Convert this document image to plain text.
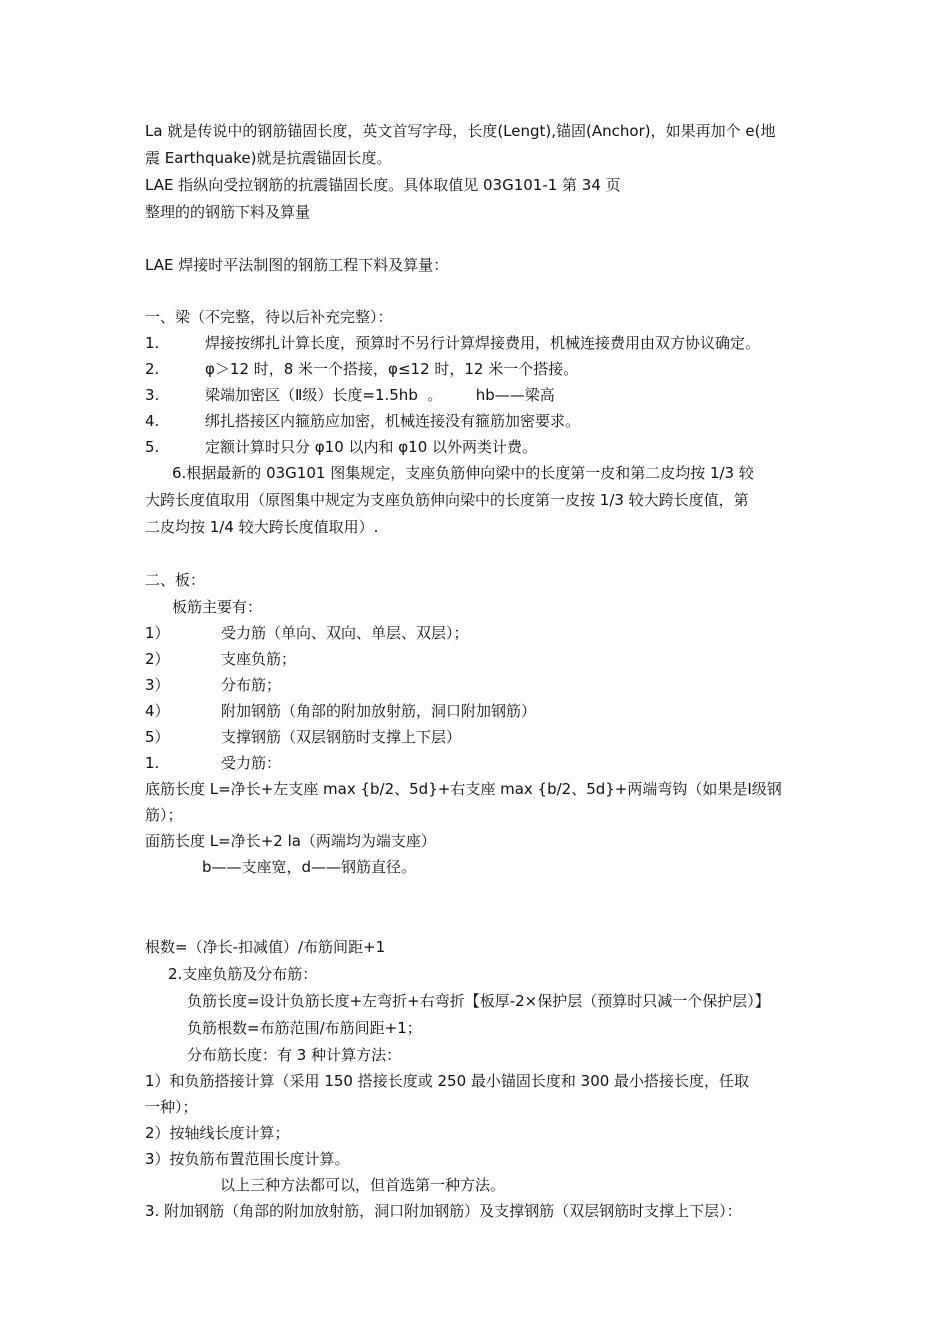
La 就是传说中的钢筋锚固长度，英文首写字母，长度(Lengt),锚固(Anchor)，如果再加个 e(地
震 Earthquake)就是抗震锚固长度。
LAE 指纵向受拉钢筋的抗震锚固长度。具体取值见 03G101-1 第 34 页
整理的的钢筋下料及算量
LAE 焊接时平法制图的钢筋工程下料及算量：
一、梁（不完整，待以后补充完整）：
1.	焊接按绑扎计算长度，预算时不另行计算焊接费用，机械连接费用由双方协议确定。
2.	φ＞12 时，8 米一个搭接，φ≤12 时，12 米一个搭接。
3.	梁端加密区（Ⅱ级）长度=1.5hb  。       hb——梁高
4.	绑扎搭接区内箍筋应加密，机械连接没有箍筋加密要求。
5.	定额计算时只分 φ10 以内和 φ10 以外两类计费。
6.根据最新的 03G101 图集规定，支座负筋伸向梁中的长度第一皮和第二皮均按 1/3 较
大跨长度值取用（原图集中规定为支座负筋伸向梁中的长度第一皮按 1/3 较大跨长度值，第
二皮均按 1/4 较大跨长度值取用）.
二、板：
板筋主要有：
1）	受力筋（单向、双向、单层、双层）；
2）	支座负筋；
3）	分布筋；
4）	附加钢筋（角部的附加放射筋，洞口附加钢筋）
5）	支撑钢筋（双层钢筋时支撑上下层）
1.	受力筋：
底筋长度 L=净长+左支座 max {b/2、5d}+右支座 max {b/2、5d}+两端弯钩（如果是Ⅰ级钢
筋）；
面筋长度 L=净长+2 la（两端均为端支座）
b——支座宽，d——钢筋直径。
根数=（净长-扣减值）/布筋间距+1
2.支座负筋及分布筋：
负筋长度=设计负筋长度+左弯折+右弯折【板厚-2×保护层（预算时只减一个保护层）】
负筋根数=布筋范围/布筋间距+1；
分布筋长度：有 3 种计算方法：
1）和负筋搭接计算（采用 150 搭接长度或 250 最小锚固长度和 300 最小搭接长度，任取
一种）；
2）按轴线长度计算；
3）按负筋布置范围长度计算。
以上三种方法都可以，但首选第一种方法。
3. 附加钢筋（角部的附加放射筋，洞口附加钢筋）及支撑钢筋（双层钢筋时支撑上下层）：
